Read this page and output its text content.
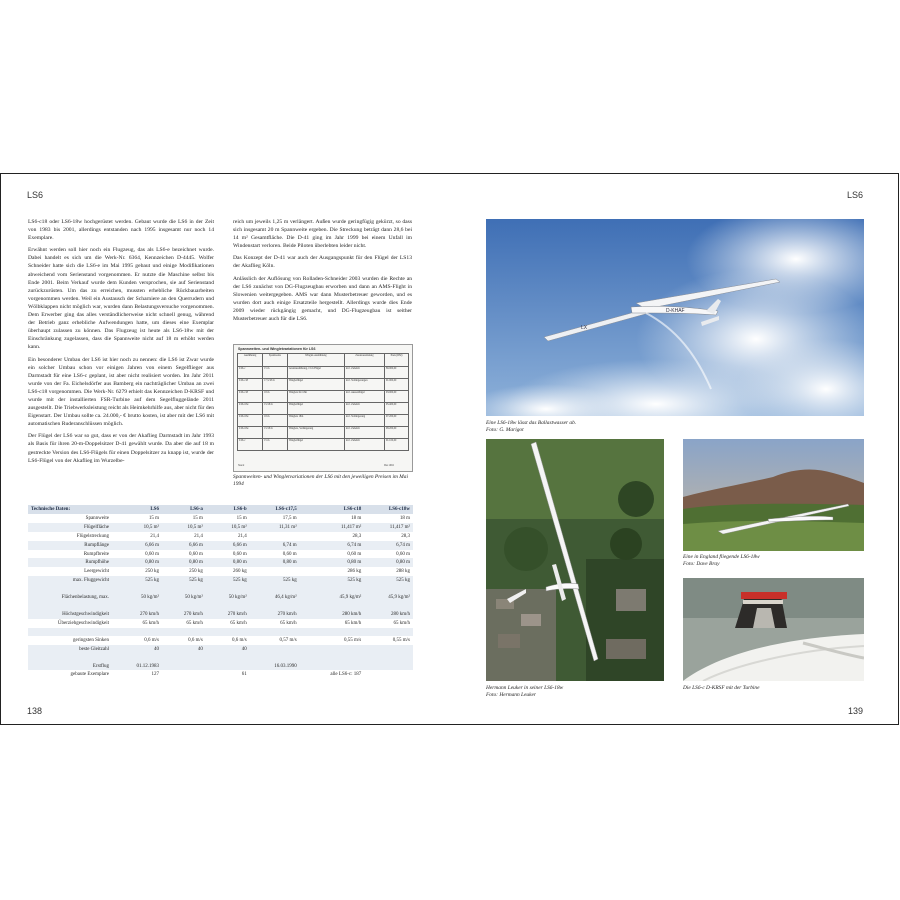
LS6

LS6-c18 oder LS6-18w hochgerüstet werden. Gebaut wurde die LS6 in der Zeit von 1983 bis 2001, allerdings entstanden nach 1995 insgesamt nur noch 14 Exemplare.

Erwähnt werden soll hier noch ein Flugzeug, das als LS6-e bezeichnet wurde. Dabei handelt es sich um die Werk-Nr. 6364, Kennzeichen D-4445. Wolfer Schneider hatte sich die LS6-e im Mai 1995 gebaut und einige Modifikationen abweichend vom Serienstand vorgenommen. Er nutzte die Maschine selbst bis Ende 2001. Beim Verkauf wurde dem Kunden versprochen, sie auf Serienstand zurückzurüsten. Um das zu erreichen, mussten erhebliche Rückbauarbeiten vorgenommen werden. Weil ein Austausch der Scharniere an den Querrudern und Wölbklappen nicht möglich war, wurden dann Belastungsversuche vorgenommen. Dem Erwerber ging das alles verständlicherweise nicht schnell genug, während der Betrieb ganz erhebliche Aufwendungen hatte, um dieses eine Exemplar überhaupt zulassen zu können. Das Flugzeug ist heute als LS6-18w mit der Einschränkung zugelassen, dass die Spannweite nicht auf 18 m erhöht werden kann.

Ein besonderer Umbau der LS6 ist hier noch zu nennen: die LS6 ist Zwar wurde ein solcher Umbau schon vor einigen Jahren von einem Segelflieger aus Darmstadt für eine LS6-c geplant, ist aber nicht realisiert worden. Im Jahr 2011 wurde von der Fa. Eichelsdörfer aus Bamberg ein nachträglicher Umbau an zwei LS6-c18 vorgenommen. Die Werk-Nr. 6279 erhielt das Kennzeichen D-KRSF und wurde mit der installierten FSR-Turbine auf dem Segelfluggelände 2011 ausgestellt. Die Triebwerksleistung reicht als Heimkehrhilfe aus, aber nicht für den Eigenstart. Der Umbau sollte ca. 24.000,- € brutto kosten, ist aber mit der LS6 mit automatischen Ruderanschlüssen möglich.

Der Flügel der LS6 war so gut, dass er von der Akaflieg Darmstadt im Jahr 1993 als Basis für ihren 20-m-Doppelsitzer D-41 gewählt wurde. Da aber die auf 18 m gestreckte Version des LS6-Flügels für einen Doppelsitzer zu knapp ist, wurde der LS6-Flügel von der Akaflieg im Wurzelbe-

reich um jeweils 1,25 m verlängert. Außen wurde geringfügig gekürzt, so dass sich insgesamt 20 m Spannweite ergeben. Die Streckung beträgt dann 28,6 bei 14 m² Gesamtfläche. Die D-41 ging im Jahr 1999 bei einem Unfall im Windenstart verloren. Beide Piloten überlebten leider nicht.

Das Konzept der D-41 war auch der Ausgangspunkt für den Flügel der LS13 der Akaflieg Köln.

Anlässlich der Auflösung von Rolladen-Schneider 2003 wurden die Rechte an der LS6 zunächst von DG-Flugzeugbau erworben und dann an AMS-Flight in Slowenien weitergegeben. AMS war dann Musterbetreuer geworden, und es wurden dort auch einige Ersatzteile hergestellt. Allerdings wurde dies Ende 2009 wieder rückgängig gemacht, und DG-Flugzeugbau ist seither Musterbetreuer auch für die LS6.

Spannweiten- und Wingletvariationen für LS6
Ausführung	Spannweite	Winglet-Ausführung	Zusatzausrüstung	Preis (DM)
LS6-c	15 m	Grundausführung, 15 m Flügel	incl. Zubehör	89.000,00
LS6-c18	17,5/18 m	Wingletflügel	incl. Verlängerungen	91.000,00
LS6-c18	18 m	Winglets für 18m	incl. Aussenflügel	93.000,00
LS6-18w	15/18 m	Wingletflügel	incl. Zubehör	95.400,00
LS6-18w	18 m	Winglets 18m	incl. Verlängerung	97.200,00
LS6-18w	15/18 m	Winglets, Verlängerung	incl. Zubehör	98.200,00
LS6-c	15 m	Wingletflügel	incl. Zubehör	91.100,00
Stand	Mai 1994
Spannweiten- und Wingletvariationen der LS6 mit den jeweiligen Preisen im Mai 1994
Technische Daten:	LS6	LS6-a	LS6-b	LS6-c17,5	LS6-c18	LS6-c18w
Spannweite	15 m	15 m	15 m	17,5 m	18 m	18 m
Flügelfläche	10,5 m²	10,5 m²	10,5 m²	11,31 m²	11,417 m²	11,417 m²
Flügelstreckung	21,4	21,4	21,4		28,3	28,3
Rumpflänge	6,66 m	6,66 m	6,66 m	6,74 m	6,74 m	6,74 m
Rumpfbreite	0,60 m	0,60 m	0,60 m	0,60 m	0,60 m	0,60 m
Rumpfhöhe	0,80 m	0,80 m	0,80 m	0,80 m	0,80 m	0,80 m
Leergewicht	250 kg	250 kg	260 kg		286 kg	288 kg
max. Fluggewicht	525 kg	525 kg	525 kg	525 kg	525 kg	525 kg

Flächenbelastung, max.	50 kg/m²	50 kg/m²	50 kg/m²	46,4 kg/m²	45,9 kg/m²	45,9 kg/m²

Höchstgeschwindigkeit	270 km/h	270 km/h	270 km/h	270 km/h	280 km/h	280 km/h
Überziehgeschwindigkeit	65 km/h	65 km/h	65 km/h	65 km/h	65 km/h	65 km/h

geringsten Sinken	0,6 m/s	0,6 m/s	0,6 m/s	0,57 m/s	0,55 m/s	0,55 m/s
beste Gleitzahl	40	40	40			

Erstflug	01.12.1983			16.03.1990		
gebaute Exemplare	127		61		alle LS6-c: 187	
138
LS6
D-KHAF
LX
Eine LS6-18w lässt das Ballastwasser ab.
Foto: G. Marigot
Eine in England fliegende LS6-18w
Foto: Dave Bray
Hermann Leuker in seiner LS6-18w
Foto: Hermann Leuker
Die LS6-c D-KRSF mit der Turbine
139
